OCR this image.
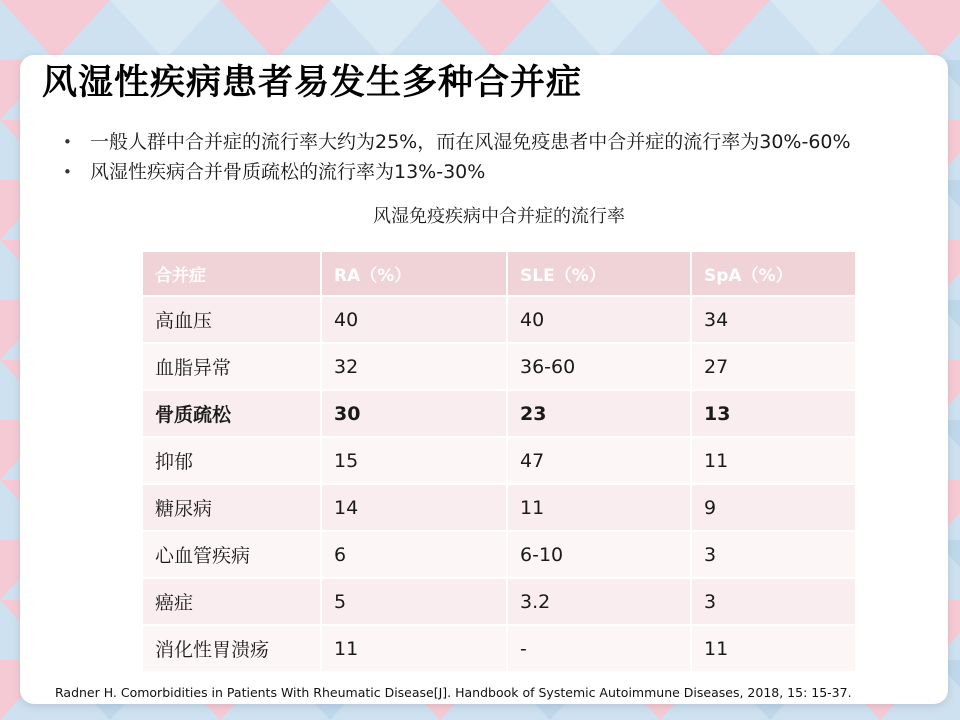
风湿性疾病患者易发生多种合并症
• 一般人群中合并症的流行率大约为25%，而在风湿免疫患者中合并症的流行率为30%-60%
• 风湿性疾病合并骨质疏松的流行率为13%-30%
风湿免疫疾病中合并症的流行率
合并症	RA（%）	SLE（%）	SpA（%）
高血压	40	40	34
血脂异常	32	36-60	27
骨质疏松	30	23	13
抑郁	15	47	11
糖尿病	14	11	9
心血管疾病	6	6-10	3
癌症	5	3.2	3
消化性胃溃疡	11	-	11
Radner H. Comorbidities in Patients With Rheumatic Disease[J]. Handbook of Systemic Autoimmune Diseases, 2018, 15: 15-37.
